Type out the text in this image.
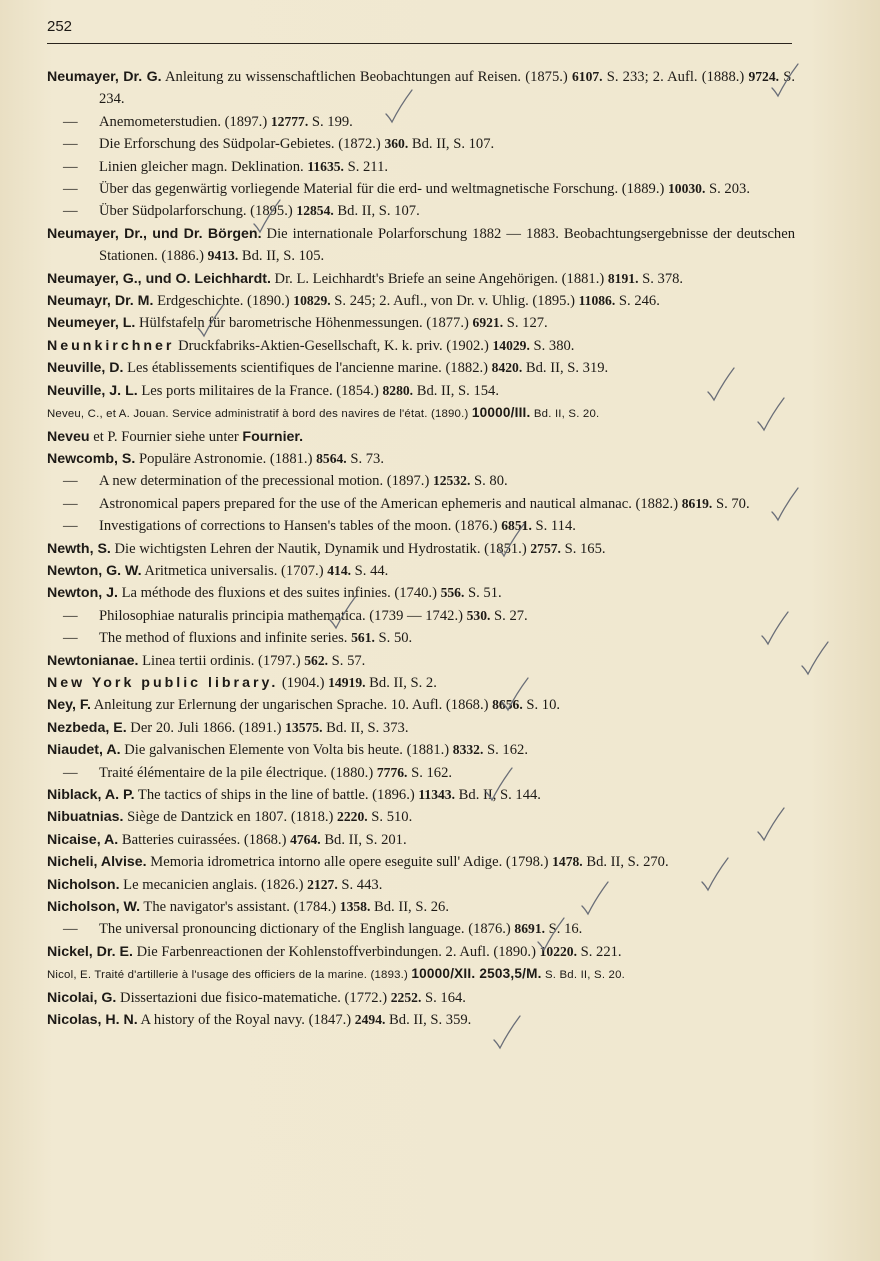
252
Neumayer, Dr. G. Anleitung zu wissenschaftlichen Beobachtungen auf Reisen. (1875.) 6107. S. 233; 2. Aufl. (1888.) 9724. S. 234.
— Anemometerstudien. (1897.) 12777. S. 199.
— Die Erforschung des Südpolar-Gebietes. (1872.) 360. Bd. II, S. 107.
— Linien gleicher magn. Deklination. 11635. S. 211.
— Über das gegenwärtig vorliegende Material für die erd- und weltmagnetische Forschung. (1889.) 10030. S. 203.
— Über Südpolarforschung. (1895.) 12854. Bd. II, S. 107.
Neumayer, Dr., und Dr. Börgen. Die internationale Polarforschung 1882 — 1883. Beobachtungsergebnisse der deutschen Stationen. (1886.) 9413. Bd. II, S. 105.
Neumayer, G., und O. Leichhardt. Dr. L. Leichhardt's Briefe an seine Angehörigen. (1881.) 8191. S. 378.
Neumayr, Dr. M. Erdgeschichte. (1890.) 10829. S. 245; 2. Aufl., von Dr. v. Uhlig. (1895.) 11086. S. 246.
Neumeyer, L. Hülfstafeln für barometrische Höhenmessungen. (1877.) 6921. S. 127.
Neunkirchner Druckfabriks-Aktien-Gesellschaft, K. k. priv. (1902.) 14029. S. 380.
Neuville, D. Les établissements scientifiques de l'ancienne marine. (1882.) 8420. Bd. II, S. 319.
Neuville, J. L. Les ports militaires de la France. (1854.) 8280. Bd. II, S. 154.
Neveu, C., et A. Jouan. Service administratif à bord des navires de l'état. (1890.) 10000/III. Bd. II, S. 20.
Neveu et P. Fournier siehe unter Fournier.
Newcomb, S. Populäre Astronomie. (1881.) 8564. S. 73.
— A new determination of the precessional motion. (1897.) 12532. S. 80.
— Astronomical papers prepared for the use of the American ephemeris and nautical almanac. (1882.) 8619. S. 70.
— Investigations of corrections to Hansen's tables of the moon. (1876.) 6851. S. 114.
Newth, S. Die wichtigsten Lehren der Nautik, Dynamik und Hydrostatik. (1851.) 2757. S. 165.
Newton, G. W. Aritmetica universalis. (1707.) 414. S. 44.
Newton, J. La méthode des fluxions et des suites infinies. (1740.) 556. S. 51.
— Philosophiae naturalis principia mathematica. (1739 — 1742.) 530. S. 27.
— The method of fluxions and infinite series. 561. S. 50.
Newtonianae. Linea tertii ordinis. (1797.) 562. S. 57.
New York public library. (1904.) 14919. Bd. II, S. 2.
Ney, F. Anleitung zur Erlernung der ungarischen Sprache. 10. Aufl. (1868.) 8656. S. 10.
Nezbeda, E. Der 20. Juli 1866. (1891.) 13575. Bd. II, S. 373.
Niaudet, A. Die galvanischen Elemente von Volta bis heute. (1881.) 8332. S. 162.
— Traité élémentaire de la pile électrique. (1880.) 7776. S. 162.
Niblack, A. P. The tactics of ships in the line of battle. (1896.) 11343. Bd. II, S. 144.
Nibuatnias. Siège de Dantzick en 1807. (1818.) 2220. S. 510.
Nicaise, A. Batteries cuirassées. (1868.) 4764. Bd. II, S. 201.
Nicheli, Alvise. Memoria idrometrica intorno alle opere eseguite sull' Adige. (1798.) 1478. Bd. II, S. 270.
Nicholson. Le mecanicien anglais. (1826.) 2127. S. 443.
Nicholson, W. The navigator's assistant. (1784.) 1358. Bd. II, S. 26.
— The universal pronouncing dictionary of the English language. (1876.) 8691. S. 16.
Nickel, Dr. E. Die Farbenreactionen der Kohlenstoffverbindungen. 2. Aufl. (1890.) 10220. S. 221.
Nicol, E. Traité d'artillerie à l'usage des officiers de la marine. (1893.) 10000/XII. 2503,5/M. S. Bd. II, S. 20.
Nicolai, G. Dissertazioni due fisico-matematiche. (1772.) 2252. S. 164.
Nicolas, H. N. A history of the Royal navy. (1847.) 2494. Bd. II, S. 359.
